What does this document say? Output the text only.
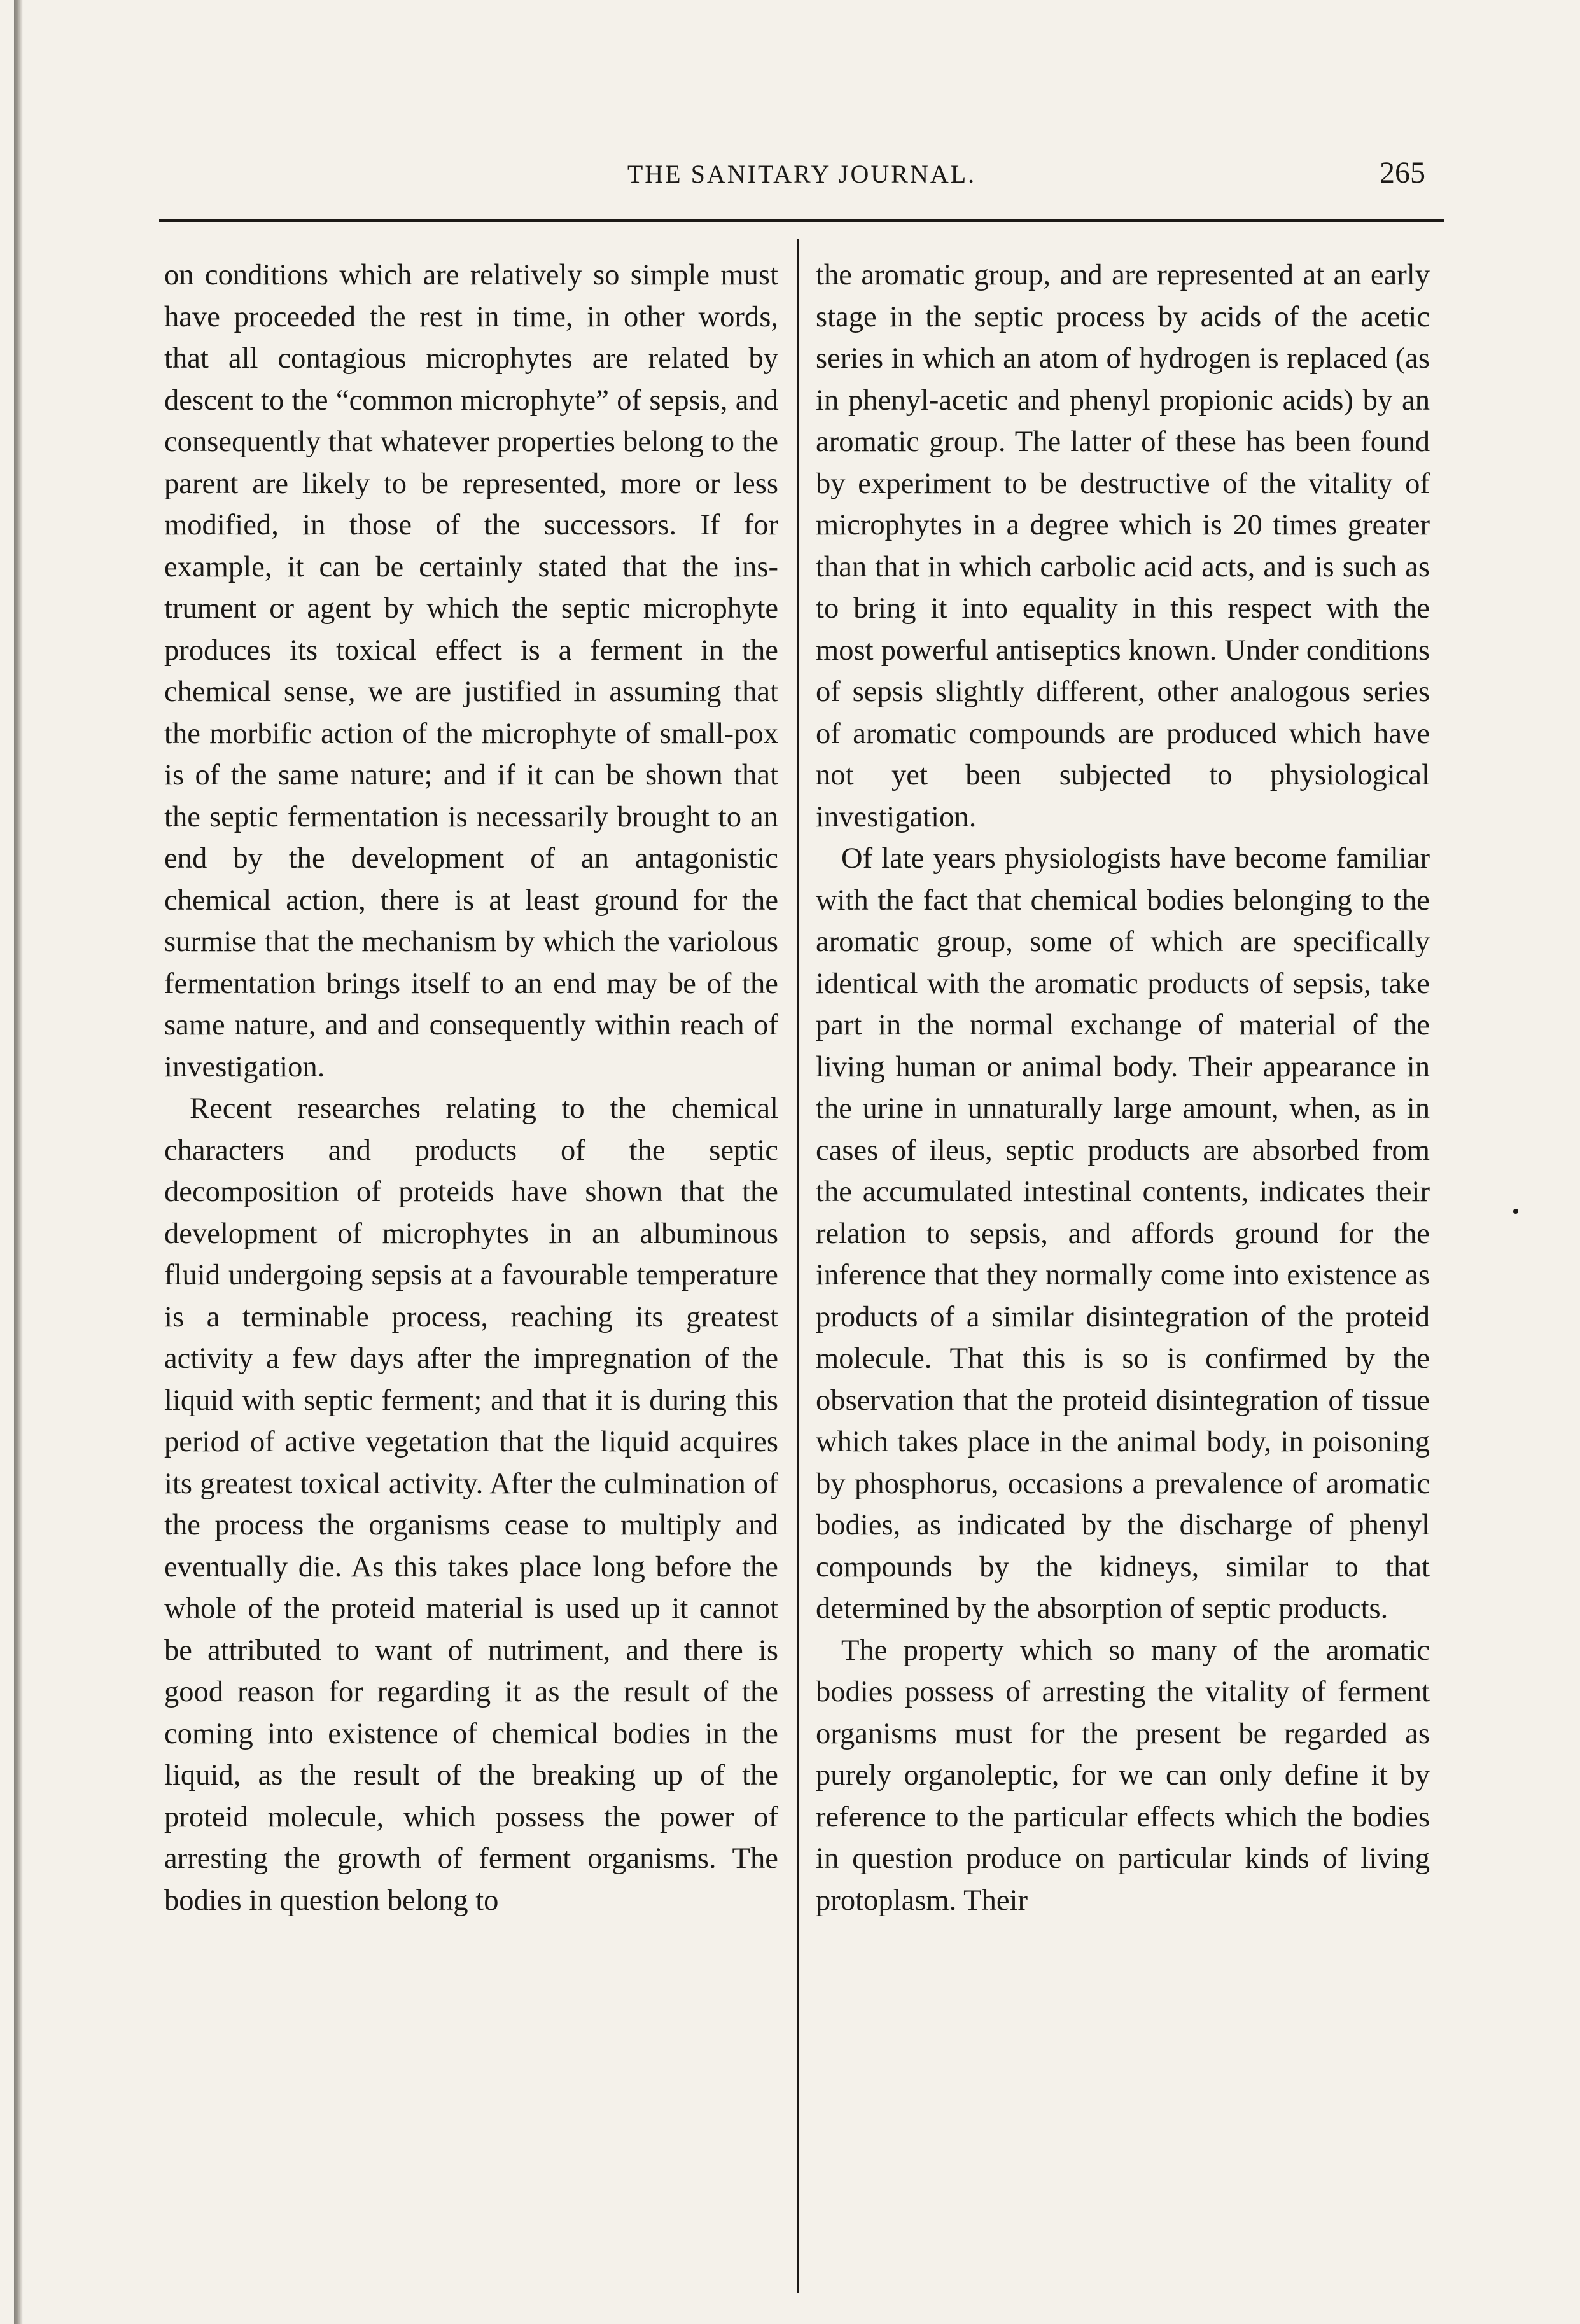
THE SANITARY JOURNAL.	265

on conditions which are relatively so simple must have proceeded the rest in time, in other words, that all contagious microphytes are related by descent to the “common microphyte” of sepsis, and consequently that whatever properties belong to the parent are likely to be represented, more or less modified, in those of the successors. If for example, it can be certainly stated that the instrument or agent by which the septic microphyte produces its toxical effect is a ferment in the chemical sense, we are justified in assuming that the morbific action of the microphyte of small-pox is of the same nature; and if it can be shown that the septic fermentation is necessarily brought to an end by the development of an antagonistic chemical action, there is at least ground for the surmise that the mechanism by which the variolous fermentation brings itself to an end may be of the same nature, and and consequently within reach of investigation.

Recent researches relating to the chemical characters and products of the septic decomposition of proteids have shown that the development of microphytes in an albuminous fluid undergoing sepsis at a favourable temperature is a terminable process, reaching its greatest activity a few days after the impregnation of the liquid with septic ferment; and that it is during this period of active vegetation that the liquid acquires its greatest toxical activity. After the culmination of the process the organisms cease to multiply and eventually die. As this takes place long before the whole of the proteid material is used up it cannot be attributed to want of nutriment, and there is good reason for regarding it as the result of the coming into existence of chemical bodies in the liquid, as the result of the breaking up of the proteid molecule, which possess the power of arresting the growth of ferment organisms. The bodies in question belong to

the aromatic group, and are represented at an early stage in the septic process by acids of the acetic series in which an atom of hydrogen is replaced (as in phenyl-acetic and phenyl propionic acids) by an aromatic group. The latter of these has been found by experiment to be destructive of the vitality of microphytes in a degree which is 20 times greater than that in which carbolic acid acts, and is such as to bring it into equality in this respect with the most powerful antiseptics known. Under conditions of sepsis slightly different, other analogous series of aromatic compounds are produced which have not yet been subjected to physiological investigation.

Of late years physiologists have become familiar with the fact that chemical bodies belonging to the aromatic group, some of which are specifically identical with the aromatic products of sepsis, take part in the normal exchange of material of the living human or animal body. Their appearance in the urine in unnaturally large amount, when, as in cases of ileus, septic products are absorbed from the accumulated intestinal contents, indicates their relation to sepsis, and affords ground for the inference that they normally come into existence as products of a similar disintegration of the proteid molecule. That this is so is confirmed by the observation that the proteid disintegration of tissue which takes place in the animal body, in poisoning by phosphorus, occasions a prevalence of aromatic bodies, as indicated by the discharge of phenyl compounds by the kidneys, similar to that determined by the absorption of septic products.

The property which so many of the aromatic bodies possess of arresting the vitality of ferment organisms must for the present be regarded as purely organoleptic, for we can only define it by reference to the particular effects which the bodies in question produce on particular kinds of living protoplasm. Their
